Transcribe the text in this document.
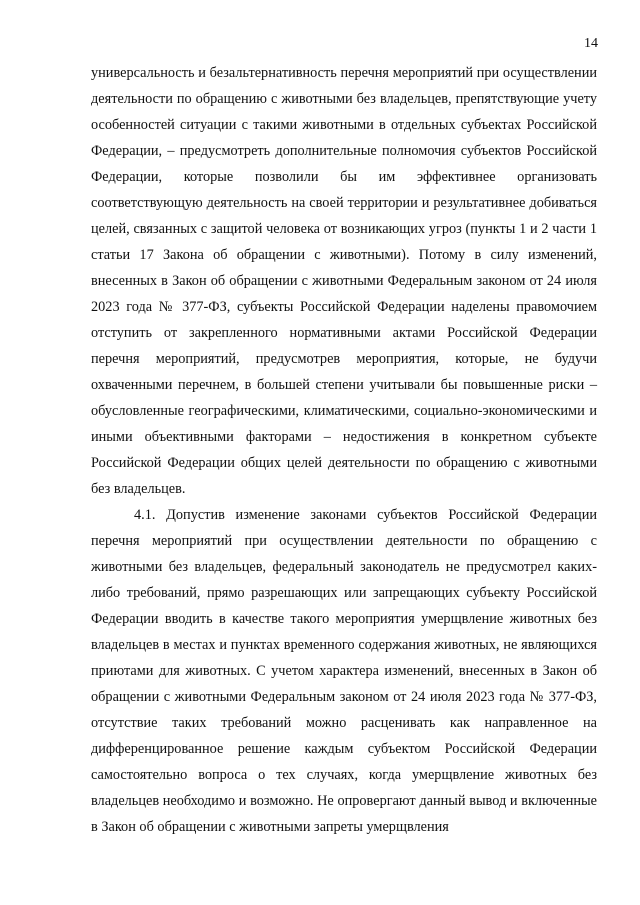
14

универсальность и безальтернативность перечня мероприятий при осуществлении деятельности по обращению с животными без владельцев, препятствующие учету особенностей ситуации с такими животными в отдельных субъектах Российской Федерации, – предусмотреть дополнительные полномочия субъектов Российской Федерации, которые позволили бы им эффективнее организовать соответствующую деятельность на своей территории и результативнее добиваться целей, связанных с защитой человека от возникающих угроз (пункты 1 и 2 части 1 статьи 17 Закона об обращении с животными). Потому в силу изменений, внесенных в Закон об обращении с животными Федеральным законом от 24 июля 2023 года № 377-ФЗ, субъекты Российской Федерации наделены правомочием отступить от закрепленного нормативными актами Российской Федерации перечня мероприятий, предусмотрев мероприятия, которые, не будучи охваченными перечнем, в большей степени учитывали бы повышенные риски – обусловленные географическими, климатическими, социально-экономическими и иными объективными факторами – недостижения в конкретном субъекте Российской Федерации общих целей деятельности по обращению с животными без владельцев.

4.1. Допустив изменение законами субъектов Российской Федерации перечня мероприятий при осуществлении деятельности по обращению с животными без владельцев, федеральный законодатель не предусмотрел каких-либо требований, прямо разрешающих или запрещающих субъекту Российской Федерации вводить в качестве такого мероприятия умерщвление животных без владельцев в местах и пунктах временного содержания животных, не являющихся приютами для животных. С учетом характера изменений, внесенных в Закон об обращении с животными Федеральным законом от 24 июля 2023 года № 377-ФЗ, отсутствие таких требований можно расценивать как направленное на дифференцированное решение каждым субъектом Российской Федерации самостоятельно вопроса о тех случаях, когда умерщвление животных без владельцев необходимо и возможно. Не опровергают данный вывод и включенные в Закон об обращении с животными запреты умерщвления
